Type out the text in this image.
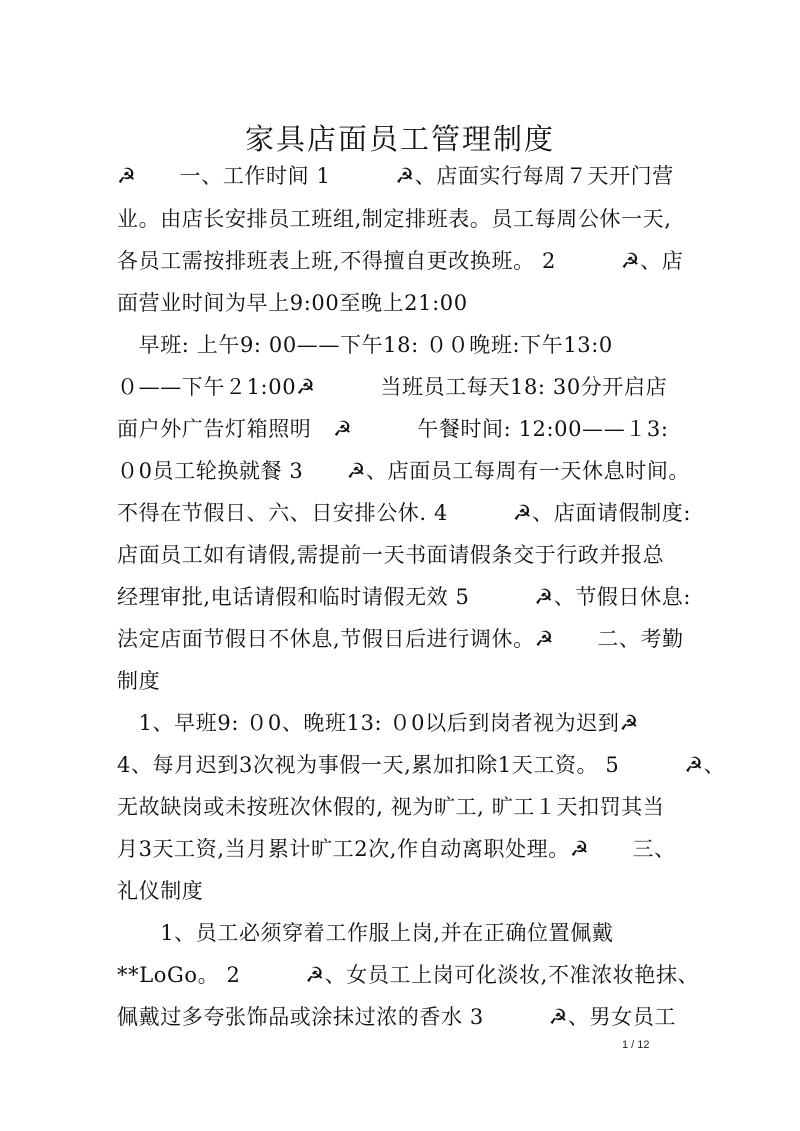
家具店面员工管理制度
☭　　一、工作时间 1　　　☭、店面实行每周７天开门营
业。由店长安排员工班组,制定排班表。员工每周公休一天,
各员工需按排班表上班,不得擅自更改换班。 2　　　☭、店
面营业时间为早上9:00至晚上21:00
　早班: 上午9: 00——下午18: ００晚班:下午13:0
０——下午２1:00☭　　　当班员工每天18: 30分开启店
面户外广告灯箱照明　☭　　　午餐时间: 12:00——１3:
０0员工轮换就餐 3　　☭、店面员工每周有一天休息时间。
不得在节假日、六、日安排公休. 4　　　☭、店面请假制度:
店面员工如有请假,需提前一天书面请假条交于行政并报总
经理审批,电话请假和临时请假无效 5　　　☭、节假日休息:
法定店面节假日不休息,节假日后进行调休。☭　　二、考勤
制度
　1、早班9: ０0、晚班13: ０0以后到岗者视为迟到☭
4、每月迟到3次视为事假一天,累加扣除1天工资。 5　　　☭、
无故缺岗或未按班次休假的, 视为旷工, 旷工１天扣罚其当
月3天工资,当月累计旷工2次,作自动离职处理。☭　　三、
礼仪制度
　　1、员工必须穿着工作服上岗,并在正确位置佩戴
**LoGo。 2　　　☭、女员工上岗可化淡妆,不准浓妆艳抹、
佩戴过多夸张饰品或涂抹过浓的香水 3　　　☭、男女员工
1 / 12
